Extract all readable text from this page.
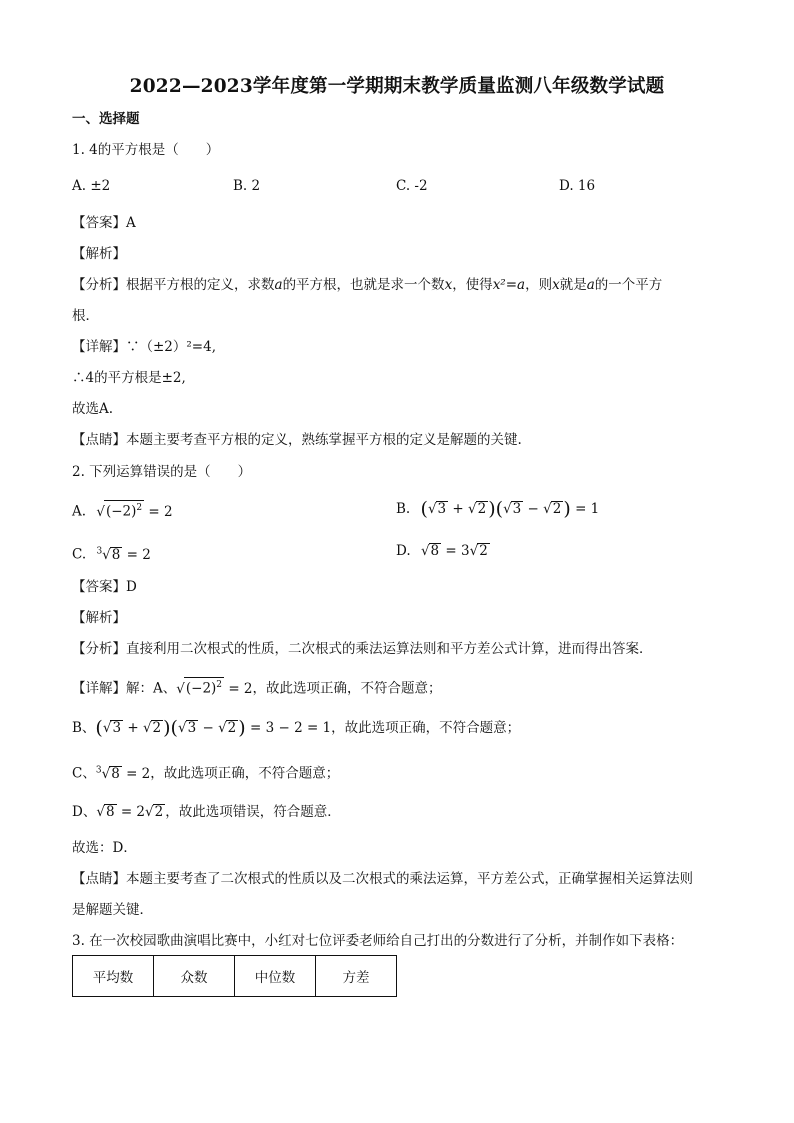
2022—2023学年度第一学期期末教学质量监测八年级数学试题
一、选择题
1. 4的平方根是（　　）
A. ±2	B. 2	C. -2	D. 16
【答案】A
【解析】
【分析】根据平方根的定义，求数a的平方根，也就是求一个数x，使得x²=a，则x就是a的一个平方
根．
【详解】∵（±2）²=4,
∴4的平方根是±2,
故选A.
【点睛】本题主要考查平方根的定义，熟练掌握平方根的定义是解题的关键.
2. 下列运算错误的是（　　）
A. $√(-2)^2 = 2$	B. (√3 + √2 )(√3 − √2 ) = 1
C. $^3$√8 = 2	D. √8 = 3√2
【答案】D
【解析】
【分析】直接利用二次根式的性质，二次根式的乘法运算法则和平方差公式计算，进而得出答案．
【详解】解：A、$√(-2)^2 = 2$，故此选项正确，不符合题意；
B、(√3 + √2 )(√3 − √2 ) = 3 − 2 = 1，故此选项正确，不符合题意；
C、$^3$√8 = 2，故此选项正确，不符合题意；
D、√8 = 2√2 ，故此选项错误，符合题意．
故选：D．
【点睛】本题主要考查了二次根式的性质以及二次根式的乘法运算，平方差公式，正确掌握相关运算法则
是解题关键．
3. 在一次校园歌曲演唱比赛中，小红对七位评委老师给自己打出的分数进行了分析，并制作如下表格：
平均数	众数	中位数	方差
